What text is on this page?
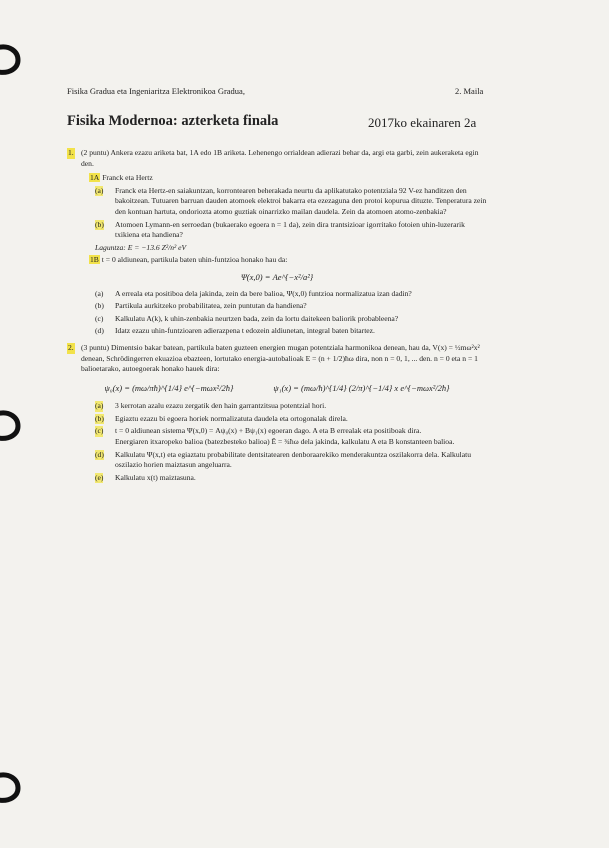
Fisika Gradua eta Ingeniaritza Elektronikoa Gradua,	2. Maila
Fisika Modernoa: azterketa finala	2017ko ekainaren 2a
1. (2 puntu) Ankera ezazu ariketa bat, 1A edo 1B ariketa. Lehenengo orrialdean adierazi behar da, argi eta garbi, zein aukeraketa egin den.

1A Franck eta Hertz
(a) Franck eta Hertz-en saiakuntzan, korrontearen beherakada neurtu da aplikatutako potentziala 92 V-ez handitzen den bakoitzean. Tutuaren barruan dauden atomoek elektroi bakarra eta ezezaguna den protoi kopurua dituzte. Tenperatura zein den kontuan hartuta, ondoriozta atomo guztiak oinarrizko mailan daudela. Zein da atomoen atomo-zenbakia?

(b) Atomoen Lymann-en serroedan (bukaerako egoera n = 1 da), zein dira trantsizioar igorritako fotoien uhin-luzerarik txikiena eta handiena?

Laguntza: E = −13.6 Z²/n² eV
1B t = 0 aldiunean, partikula baten uhin-funtzioa honako hau da:
Ψ(x,0) = Ae^{−x²/a²}
(a) A erreala eta positiboa dela jakinda, zein da bere balioa, Ψ(x,0) funtzioa normalizatua izan dadin?

(b) Partikula aurkitzeko probabilitatea, zein puntutan da handiena?

(c) Kalkulatu A(k), k uhin-zenbakia neurtzen bada, zein da lortu daitekeen baliorik probableena?

(d) Idatz ezazu uhin-funtzioaren adierazpena t edozein aldiunetan, integral baten bitartez.

2. (3 puntu) Dimentsio bakar batean, partikula baten guzteen energien mugan potentziala harmonikoa denean, hau da, V(x) = ½mω²x² denean, Schrödingerren ekuazioa ebazteen, lortutako energia-autobalioak E = (n + 1/2)ħω dira, non n = 0, 1, ... den. n = 0 eta n = 1 balioetarako, autoegoerak honako hauek dira:

ψ₀(x) = (mω/πħ)^{1/4} e^{−mωx²/2ħ}	ψ₁(x) = (mω/ħ)^{1/4} (2/π)^{−1/4} x e^{−mωx²/2ħ}
(a) 3 kerrotan azalu ezazu zergatik den hain garrantzitsua potentzial hori.

(b) Egiaztu ezazu bi egoera horiek normalizatuta daudela eta ortogonalak direla.

(c) t = 0 aldiunean sistema Ψ(x,0) = Aψ₀(x) + Bψ₁(x) egoeran dago. A eta B errealak eta positiboak dira.

Energiaren itxaropeko balioa (batezbesteko balioa) Ē = ¾ħω dela jakinda, kalkulatu A eta B konstanteen balioa.

(d) Kalkulatu Ψ(x,t) eta egiaztatu probabilitate dentsitatearen denboraarekiko menderakuntza oszilakorra dela. Kalkulatu oszilazio horien maiztasun angeluarra.

(e) Kalkulatu x(t) maiztasuna.
